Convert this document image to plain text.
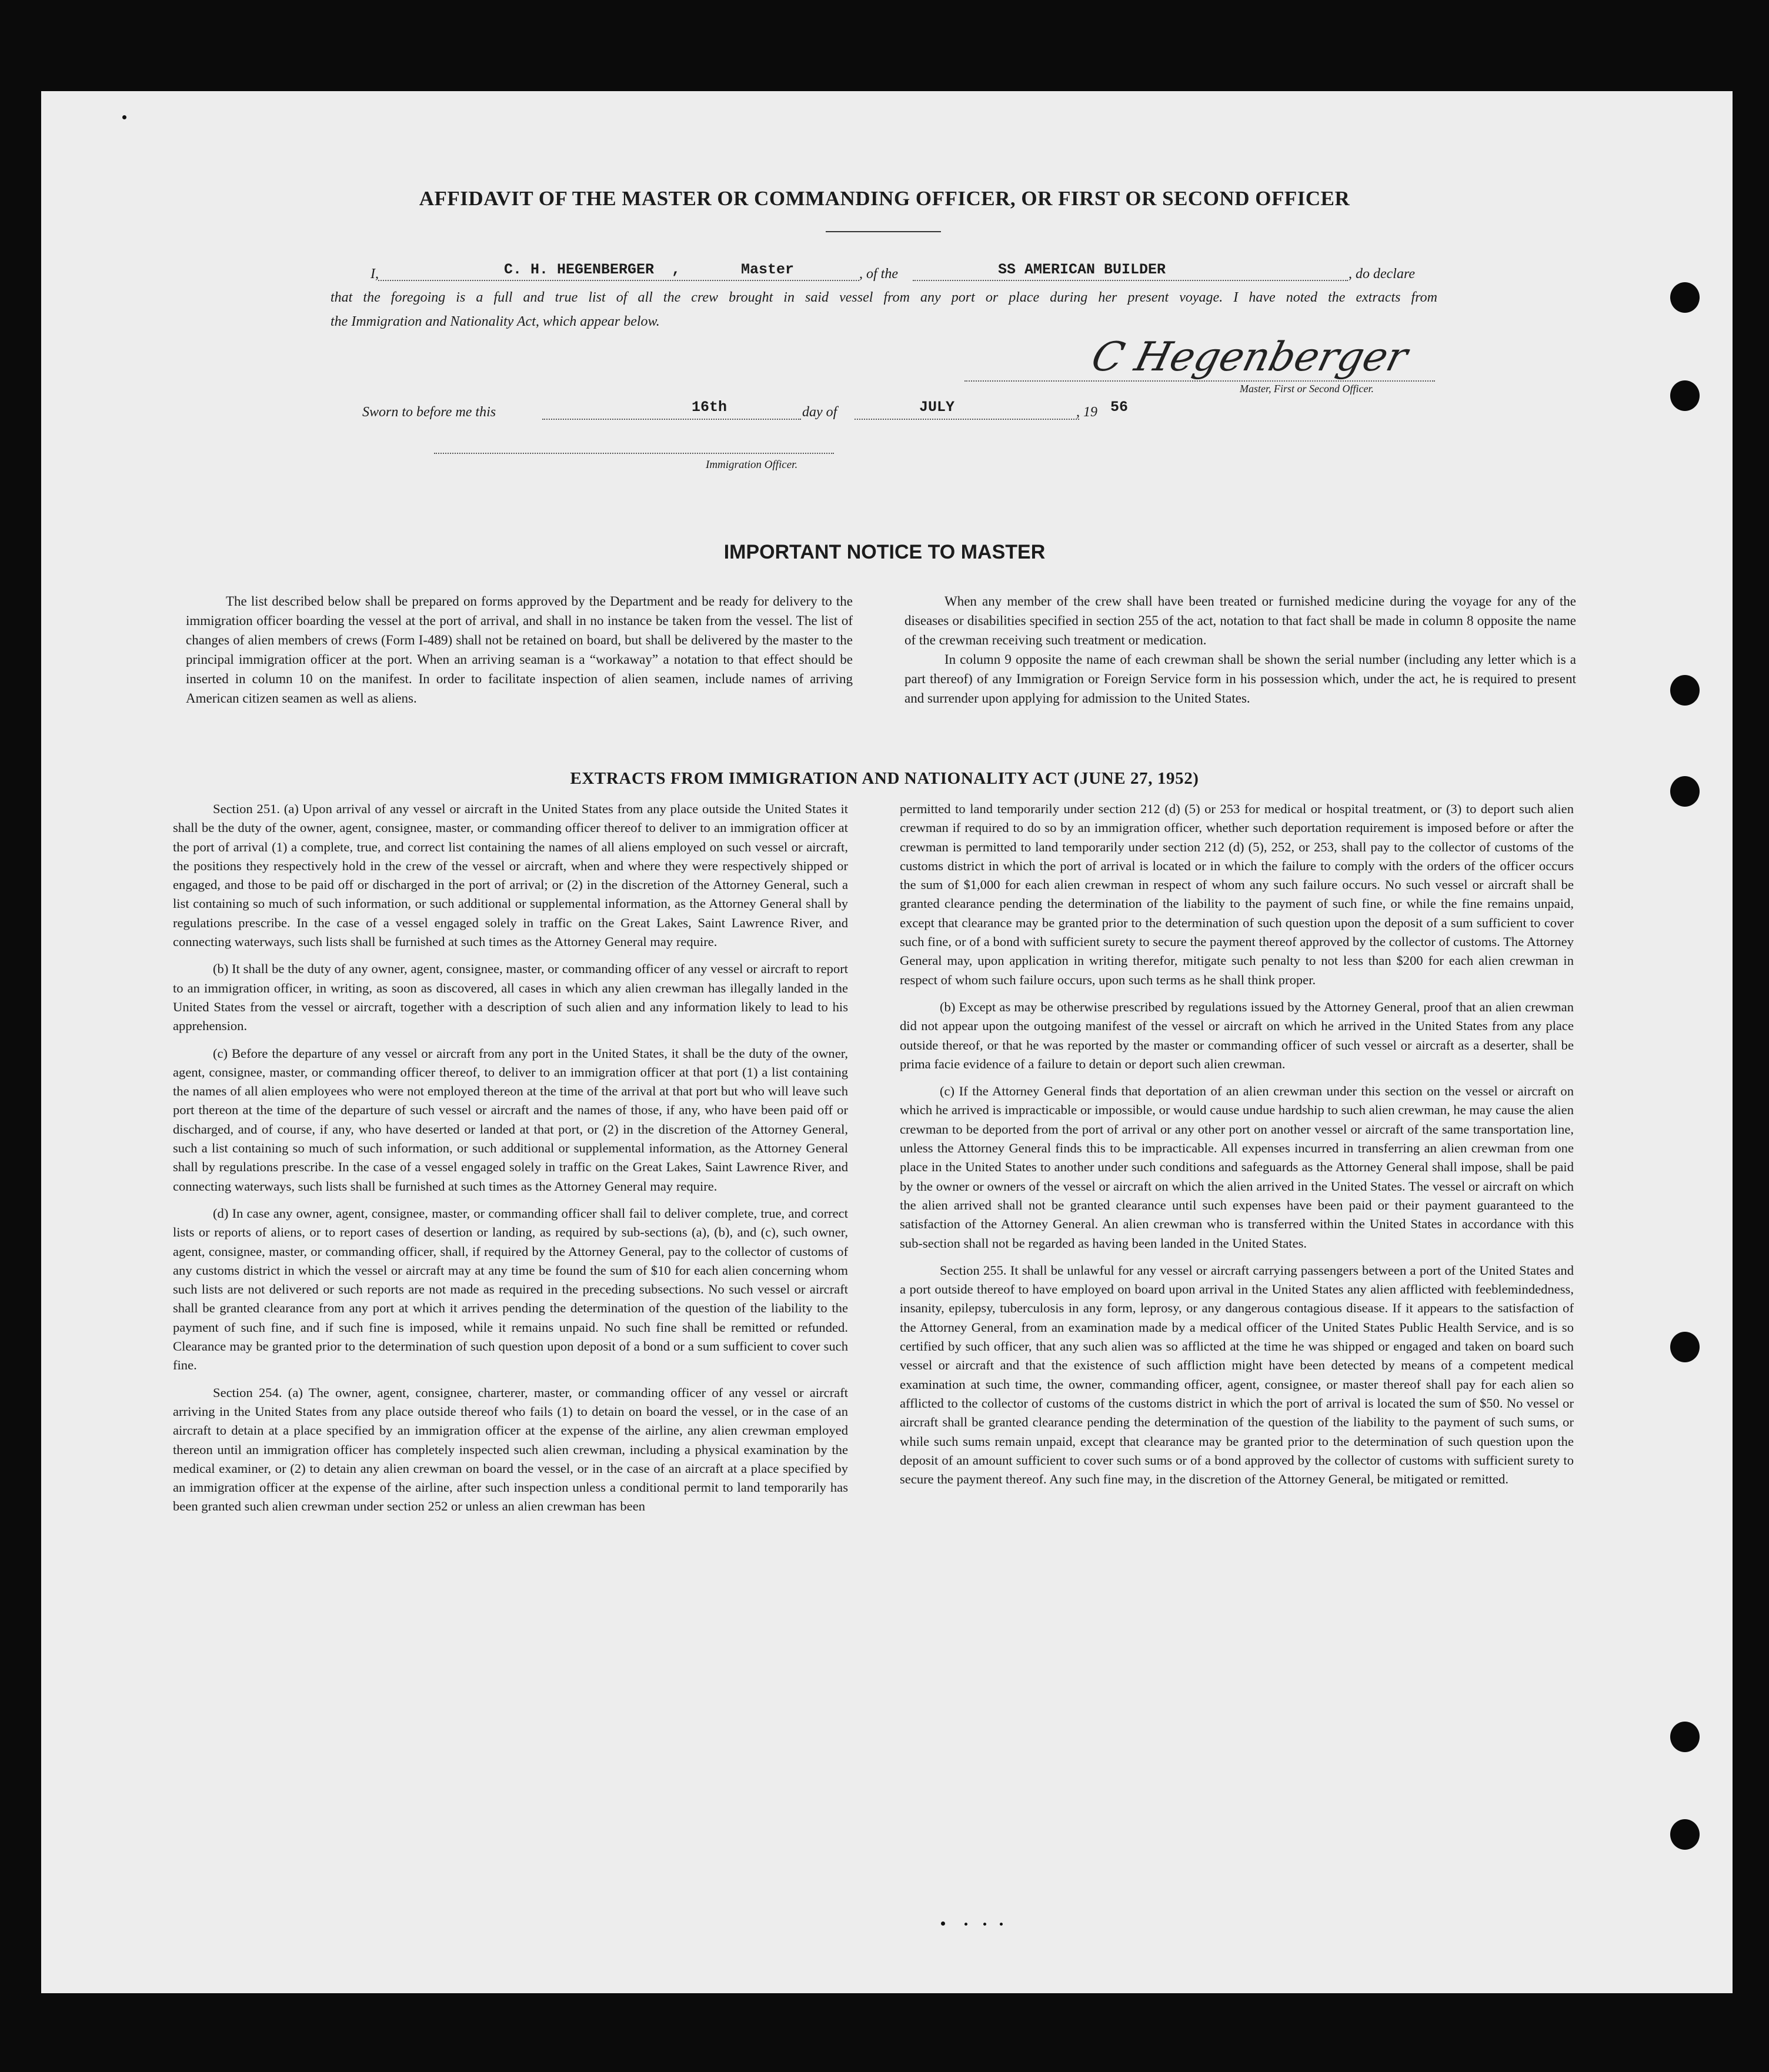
AFFIDAVIT OF THE MASTER OR COMMANDING OFFICER, OR FIRST OR SECOND OFFICER
I,	C. H. HEGENBERGER ,	Master	, of the	SS AMERICAN BUILDER	, do declare
that the foregoing is a full and true list of all the crew brought in said vessel from any port or place during her present voyage. I have noted the extracts from
the Immigration and Nationality Act, which appear below.
C Hegenberger
Master, First or Second Officer.
Sworn to before me this	16th	day of	JULY	, 19 56
Immigration Officer.
IMPORTANT NOTICE TO MASTER

The list described below shall be prepared on forms approved by the Department and be ready for delivery to the immigration officer boarding the vessel at the port of arrival, and shall in no instance be taken from the vessel. The list of changes of alien members of crews (Form I-489) shall not be retained on board, but shall be delivered by the master to the principal immigration officer at the port. When an arriving seaman is a “workaway” a notation to that effect should be inserted in column 10 on the manifest. In order to facilitate inspection of alien seamen, include names of arriving American citizen seamen as well as aliens.

When any member of the crew shall have been treated or furnished medicine during the voyage for any of the diseases or disabilities specified in section 255 of the act, notation to that fact shall be made in column 8 opposite the name of the crewman receiving such treatment or medication.

In column 9 opposite the name of each crewman shall be shown the serial number (including any letter which is a part thereof) of any Immigration or Foreign Service form in his possession which, under the act, he is required to present and surrender upon applying for admission to the United States.

EXTRACTS FROM IMMIGRATION AND NATIONALITY ACT (JUNE 27, 1952)

Section 251. (a) Upon arrival of any vessel or aircraft in the United States from any place outside the United States it shall be the duty of the owner, agent, consignee, master, or commanding officer thereof to deliver to an immigration officer at the port of arrival (1) a complete, true, and correct list containing the names of all aliens employed on such vessel or aircraft, the positions they respectively hold in the crew of the vessel or aircraft, when and where they were respectively shipped or engaged, and those to be paid off or discharged in the port of arrival; or (2) in the discretion of the Attorney General, such a list containing so much of such information, or such additional or supplemental information, as the Attorney General shall by regulations prescribe. In the case of a vessel engaged solely in traffic on the Great Lakes, Saint Lawrence River, and connecting waterways, such lists shall be furnished at such times as the Attorney General may require.

(b) It shall be the duty of any owner, agent, consignee, master, or commanding officer of any vessel or aircraft to report to an immigration officer, in writing, as soon as discovered, all cases in which any alien crewman has illegally landed in the United States from the vessel or aircraft, together with a description of such alien and any information likely to lead to his apprehension.

(c) Before the departure of any vessel or aircraft from any port in the United States, it shall be the duty of the owner, agent, consignee, master, or commanding officer thereof, to deliver to an immigration officer at that port (1) a list containing the names of all alien employees who were not employed thereon at the time of the arrival at that port but who will leave such port thereon at the time of the departure of such vessel or aircraft and the names of those, if any, who have been paid off or discharged, and of course, if any, who have deserted or landed at that port, or (2) in the discretion of the Attorney General, such a list containing so much of such information, or such additional or supplemental information, as the Attorney General shall by regulations prescribe. In the case of a vessel engaged solely in traffic on the Great Lakes, Saint Lawrence River, and connecting waterways, such lists shall be furnished at such times as the Attorney General may require.

(d) In case any owner, agent, consignee, master, or commanding officer shall fail to deliver complete, true, and correct lists or reports of aliens, or to report cases of desertion or landing, as required by sub-sections (a), (b), and (c), such owner, agent, consignee, master, or commanding officer, shall, if required by the Attorney General, pay to the collector of customs of any customs district in which the vessel or aircraft may at any time be found the sum of $10 for each alien concerning whom such lists are not delivered or such reports are not made as required in the preceding subsections. No such vessel or aircraft shall be granted clearance from any port at which it arrives pending the determination of the question of the liability to the payment of such fine, and if such fine is imposed, while it remains unpaid. No such fine shall be remitted or refunded. Clearance may be granted prior to the determination of such question upon deposit of a bond or a sum sufficient to cover such fine.

Section 254. (a) The owner, agent, consignee, charterer, master, or commanding officer of any vessel or aircraft arriving in the United States from any place outside thereof who fails (1) to detain on board the vessel, or in the case of an aircraft to detain at a place specified by an immigration officer at the expense of the airline, any alien crewman employed thereon until an immigration officer has completely inspected such alien crewman, including a physical examination by the medical examiner, or (2) to detain any alien crewman on board the vessel, or in the case of an aircraft at a place specified by an immigration officer at the expense of the airline, after such inspection unless a conditional permit to land temporarily has been granted such alien crewman under section 252 or unless an alien crewman has been

permitted to land temporarily under section 212 (d) (5) or 253 for medical or hospital treatment, or (3) to deport such alien crewman if required to do so by an immigration officer, whether such deportation requirement is imposed before or after the crewman is permitted to land temporarily under section 212 (d) (5), 252, or 253, shall pay to the collector of customs of the customs district in which the port of arrival is located or in which the failure to comply with the orders of the officer occurs the sum of $1,000 for each alien crewman in respect of whom any such failure occurs. No such vessel or aircraft shall be granted clearance pending the determination of the liability to the payment of such fine, or while the fine remains unpaid, except that clearance may be granted prior to the determination of such question upon the deposit of a sum sufficient to cover such fine, or of a bond with sufficient surety to secure the payment thereof approved by the collector of customs. The Attorney General may, upon application in writing therefor, mitigate such penalty to not less than $200 for each alien crewman in respect of whom such failure occurs, upon such terms as he shall think proper.

(b) Except as may be otherwise prescribed by regulations issued by the Attorney General, proof that an alien crewman did not appear upon the outgoing manifest of the vessel or aircraft on which he arrived in the United States from any place outside thereof, or that he was reported by the master or commanding officer of such vessel or aircraft as a deserter, shall be prima facie evidence of a failure to detain or deport such alien crewman.

(c) If the Attorney General finds that deportation of an alien crewman under this section on the vessel or aircraft on which he arrived is impracticable or impossible, or would cause undue hardship to such alien crewman, he may cause the alien crewman to be deported from the port of arrival or any other port on another vessel or aircraft of the same transportation line, unless the Attorney General finds this to be impracticable. All expenses incurred in transferring an alien crewman from one place in the United States to another under such conditions and safeguards as the Attorney General shall impose, shall be paid by the owner or owners of the vessel or aircraft on which the alien arrived in the United States. The vessel or aircraft on which the alien arrived shall not be granted clearance until such expenses have been paid or their payment guaranteed to the satisfaction of the Attorney General. An alien crewman who is transferred within the United States in accordance with this sub-section shall not be regarded as having been landed in the United States.

Section 255. It shall be unlawful for any vessel or aircraft carrying passengers between a port of the United States and a port outside thereof to have employed on board upon arrival in the United States any alien afflicted with feeblemindedness, insanity, epilepsy, tuberculosis in any form, leprosy, or any dangerous contagious disease. If it appears to the satisfaction of the Attorney General, from an examination made by a medical officer of the United States Public Health Service, and is so certified by such officer, that any such alien was so afflicted at the time he was shipped or engaged and taken on board such vessel or aircraft and that the existence of such affliction might have been detected by means of a competent medical examination at such time, the owner, commanding officer, agent, consignee, or master thereof shall pay for each alien so afflicted to the collector of customs of the customs district in which the port of arrival is located the sum of $50. No vessel or aircraft shall be granted clearance pending the determination of the question of the liability to the payment of such sums, or while such sums remain unpaid, except that clearance may be granted prior to the determination of such question upon the deposit of an amount sufficient to cover such sums or of a bond approved by the collector of customs with sufficient surety to secure the payment thereof. Any such fine may, in the discretion of the Attorney General, be mitigated or remitted.
